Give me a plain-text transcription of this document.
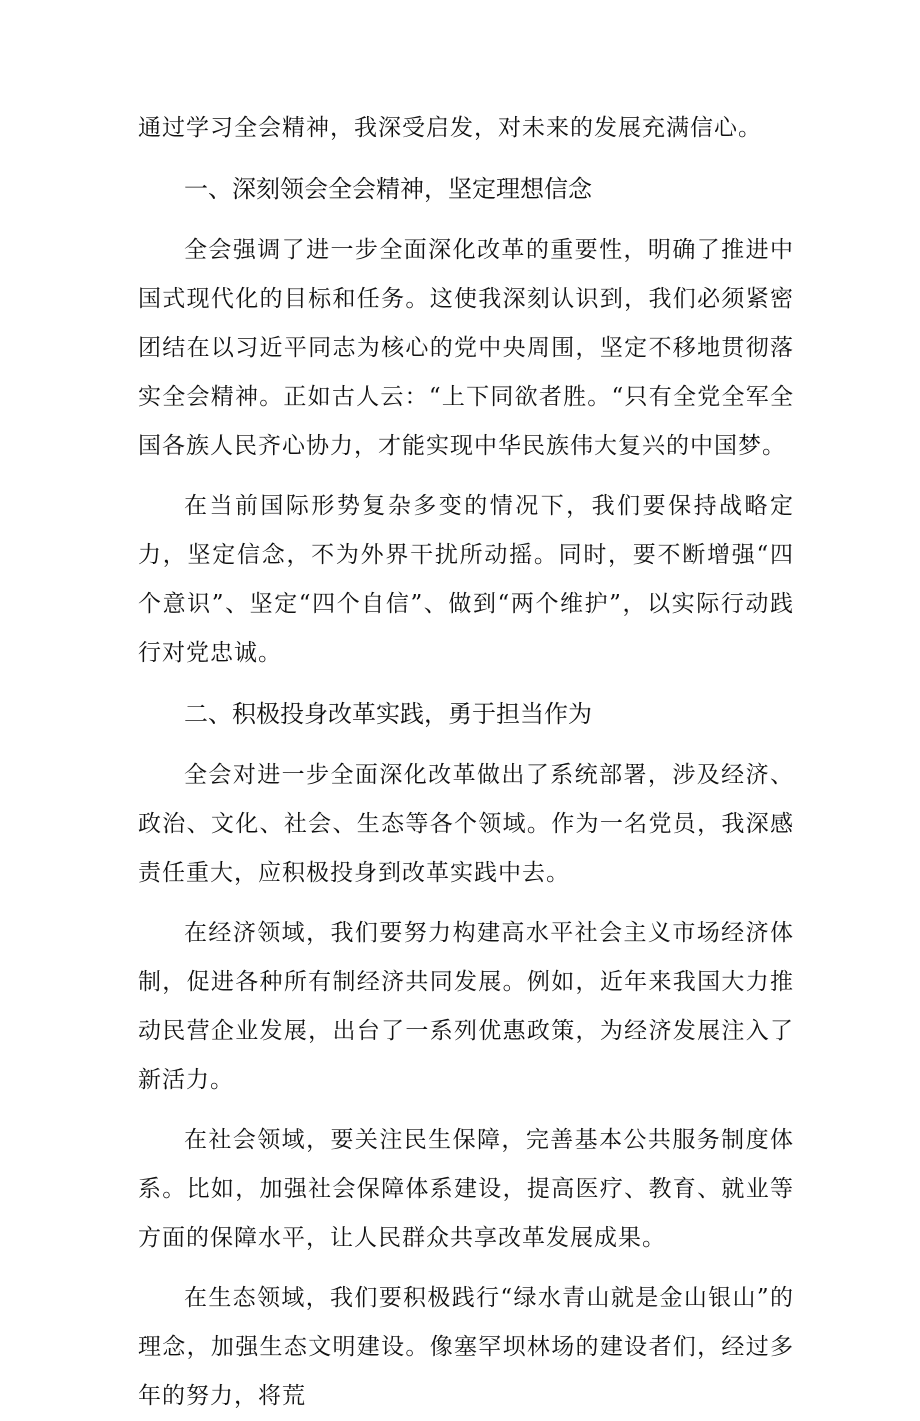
通过学习全会精神，我深受启发，对未来的发展充满信心。

一、深刻领会全会精神，坚定理想信念

全会强调了进一步全面深化改革的重要性，明确了推进中国式现代化的目标和任务。这使我深刻认识到，我们必须紧密团结在以习近平同志为核心的党中央周围，坚定不移地贯彻落实全会精神。正如古人云：“上下同欲者胜。“只有全党全军全国各族人民齐心协力，才能实现中华民族伟大复兴的中国梦。

在当前国际形势复杂多变的情况下，我们要保持战略定力，坚定信念，不为外界干扰所动摇。同时，要不断增强“四个意识”、坚定“四个自信”、做到“两个维护”，以实际行动践行对党忠诚。

二、积极投身改革实践，勇于担当作为

全会对进一步全面深化改革做出了系统部署，涉及经济、政治、文化、社会、生态等各个领域。作为一名党员，我深感责任重大，应积极投身到改革实践中去。

在经济领域，我们要努力构建高水平社会主义市场经济体制，促进各种所有制经济共同发展。例如，近年来我国大力推动民营企业发展，出台了一系列优惠政策，为经济发展注入了新活力。

在社会领域，要关注民生保障，完善基本公共服务制度体系。比如，加强社会保障体系建设，提高医疗、教育、就业等方面的保障水平，让人民群众共享改革发展成果。

在生态领域，我们要积极践行“绿水青山就是金山银山”的理念，加强生态文明建设。像塞罕坝林场的建设者们，经过多年的努力，将荒
